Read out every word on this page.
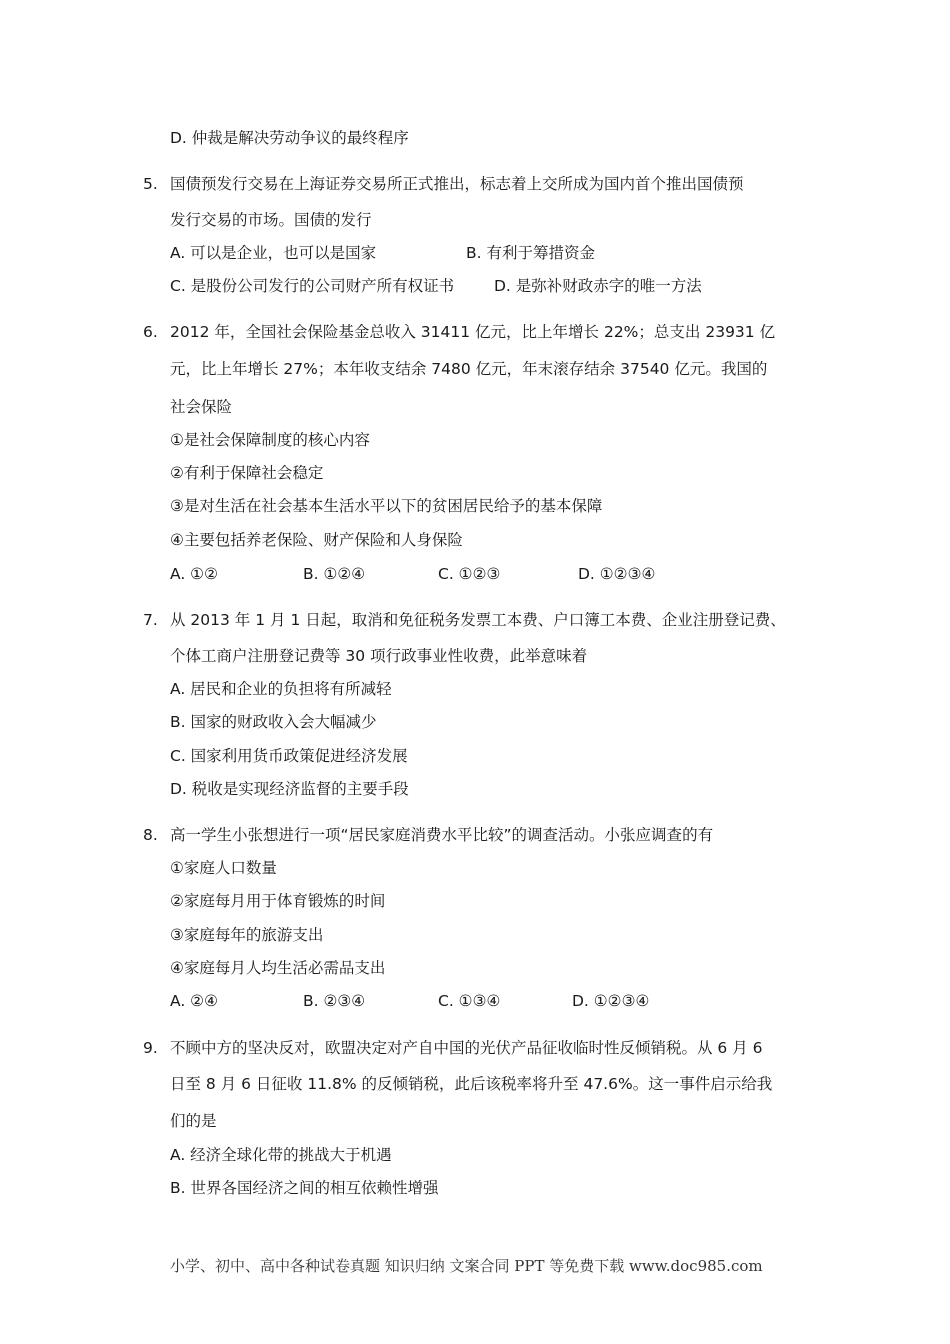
D. 仲裁是解决劳动争议的最终程序
5. 国债预发行交易在上海证券交易所正式推出，标志着上交所成为国内首个推出国债预
发行交易的市场。国债的发行
A. 可以是企业，也可以是国家	B. 有利于筹措资金
C. 是股份公司发行的公司财产所有权证书	D. 是弥补财政赤字的唯一方法
6. 2012 年，全国社会保险基金总收入 31411 亿元，比上年增长 22%；总支出 23931 亿
元，比上年增长 27%；本年收支结余 7480 亿元，年末滚存结余 37540 亿元。我国的
社会保险
①是社会保障制度的核心内容
②有利于保障社会稳定
③是对生活在社会基本生活水平以下的贫困居民给予的基本保障
④主要包括养老保险、财产保险和人身保险
A. ①②	B. ①②④	C. ①②③	D. ①②③④
7. 从 2013 年 1 月 1 日起，取消和免征税务发票工本费、户口簿工本费、企业注册登记费、
个体工商户注册登记费等 30 项行政事业性收费，此举意味着
A. 居民和企业的负担将有所减轻
B. 国家的财政收入会大幅减少
C. 国家利用货币政策促进经济发展
D. 税收是实现经济监督的主要手段
8. 高一学生小张想进行一项“居民家庭消费水平比较”的调查活动。小张应调查的有
①家庭人口数量
②家庭每月用于体育锻炼的时间
③家庭每年的旅游支出
④家庭每月人均生活必需品支出
A. ②④	B. ②③④	C. ①③④	D. ①②③④
9. 不顾中方的坚决反对，欧盟决定对产自中国的光伏产品征收临时性反倾销税。从 6 月 6
日至 8 月 6 日征收 11.8% 的反倾销税，此后该税率将升至 47.6%。这一事件启示给我
们的是
A. 经济全球化带的挑战大于机遇
B. 世界各国经济之间的相互依赖性增强
小学、初中、高中各种试卷真题 知识归纳 文案合同 PPT 等免费下载 www.doc985.com
